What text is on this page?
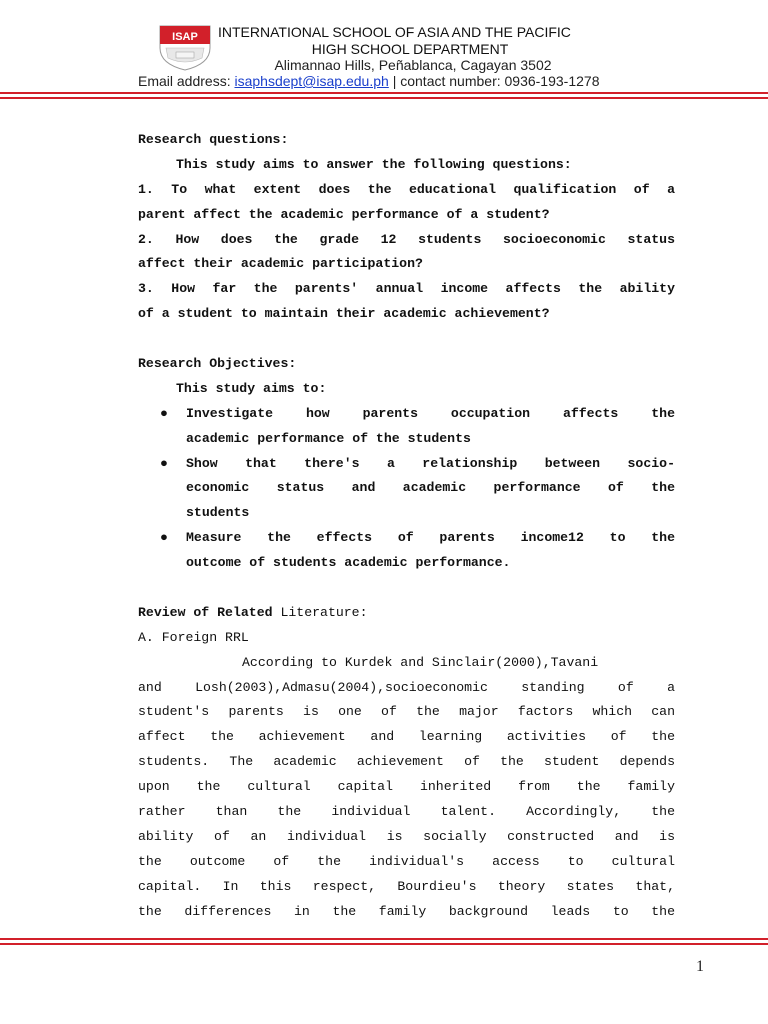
ISAP INTERNATIONAL SCHOOL OF ASIA AND THE PACIFIC
HIGH SCHOOL DEPARTMENT
Alimannao Hills, Peñablanca, Cagayan 3502
Email address: isaphsdept@isap.edu.ph | contact number: 0936-193-1278
Research questions:
This study aims to answer the following questions:
1. To what extent does the educational qualification of a
parent affect the academic performance of a student?
2. How does the grade 12 students socioeconomic status
affect their academic participation?
3. How far the parents' annual income affects the ability
of a student to maintain their academic achievement?
Research Objectives:
This study aims to:
● Investigate how parents occupation affects the
academic performance of the students
● Show that there's a relationship between socio-
economic status and academic performance of the
students
● Measure the effects of parents income12 to the
outcome of students academic performance.
Review of Related Literature:
A. Foreign RRL
According to Kurdek and Sinclair(2000),Tavani
and Losh(2003),Admasu(2004),socioeconomic standing of a
student's parents is one of the major factors which can
affect the achievement and learning activities of the
students. The academic achievement of the student depends
upon the cultural capital inherited from the family
rather than the individual talent. Accordingly, the
ability of an individual is socially constructed and is
the outcome of the individual's access to cultural
capital. In this respect, Bourdieu's theory states that,
the differences in the family background leads to the
1
